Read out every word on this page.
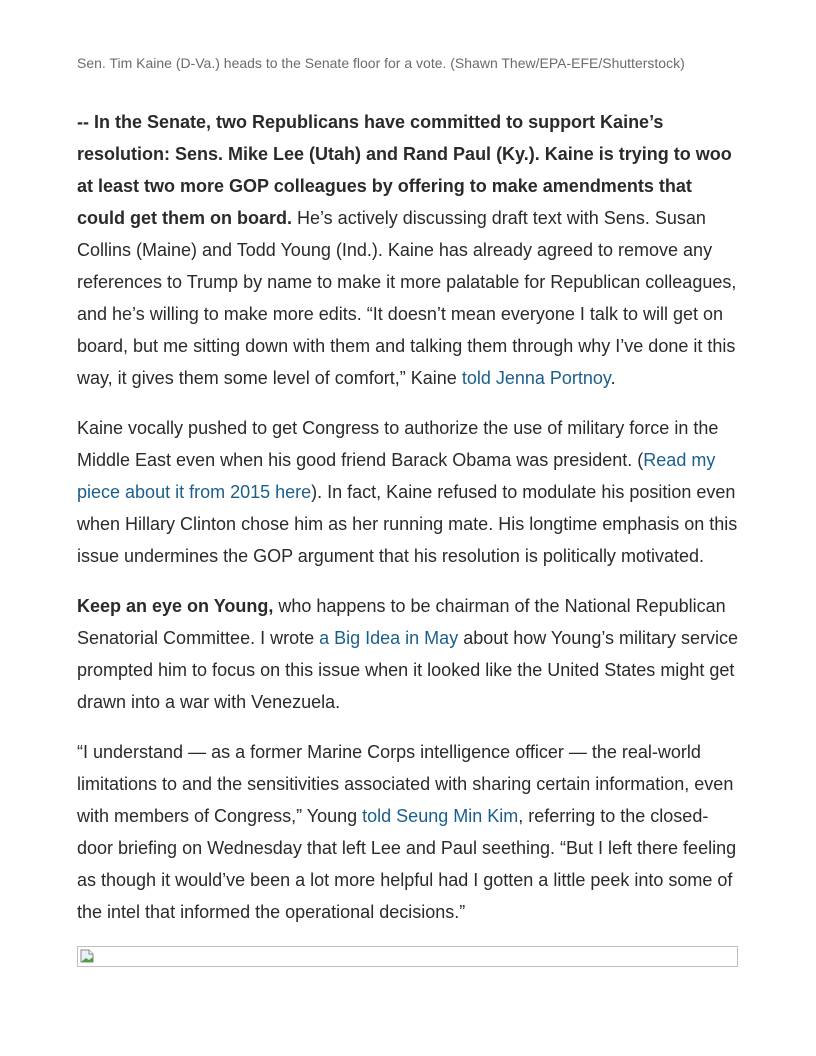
Sen. Tim Kaine (D-Va.) heads to the Senate floor for a vote. (Shawn Thew/EPA-EFE/Shutterstock)

-- In the Senate, two Republicans have committed to support Kaine’s resolution: Sens. Mike Lee (Utah) and Rand Paul (Ky.). Kaine is trying to woo at least two more GOP colleagues by offering to make amendments that could get them on board. He’s actively discussing draft text with Sens. Susan Collins (Maine) and Todd Young (Ind.). Kaine has already agreed to remove any references to Trump by name to make it more palatable for Republican colleagues, and he’s willing to make more edits. “It doesn’t mean everyone I talk to will get on board, but me sitting down with them and talking them through why I’ve done it this way, it gives them some level of comfort,” Kaine told Jenna Portnoy.

Kaine vocally pushed to get Congress to authorize the use of military force in the Middle East even when his good friend Barack Obama was president. (Read my piece about it from 2015 here). In fact, Kaine refused to modulate his position even when Hillary Clinton chose him as her running mate. His longtime emphasis on this issue undermines the GOP argument that his resolution is politically motivated.

Keep an eye on Young, who happens to be chairman of the National Republican Senatorial Committee. I wrote a Big Idea in May about how Young’s military service prompted him to focus on this issue when it looked like the United States might get drawn into a war with Venezuela.

“I understand — as a former Marine Corps intelligence officer — the real-world limitations to and the sensitivities associated with sharing certain information, even with members of Congress,” Young told Seung Min Kim, referring to the closed-door briefing on Wednesday that left Lee and Paul seething. “But I left there feeling as though it would’ve been a lot more helpful had I gotten a little peek into some of the intel that informed the operational decisions.”
